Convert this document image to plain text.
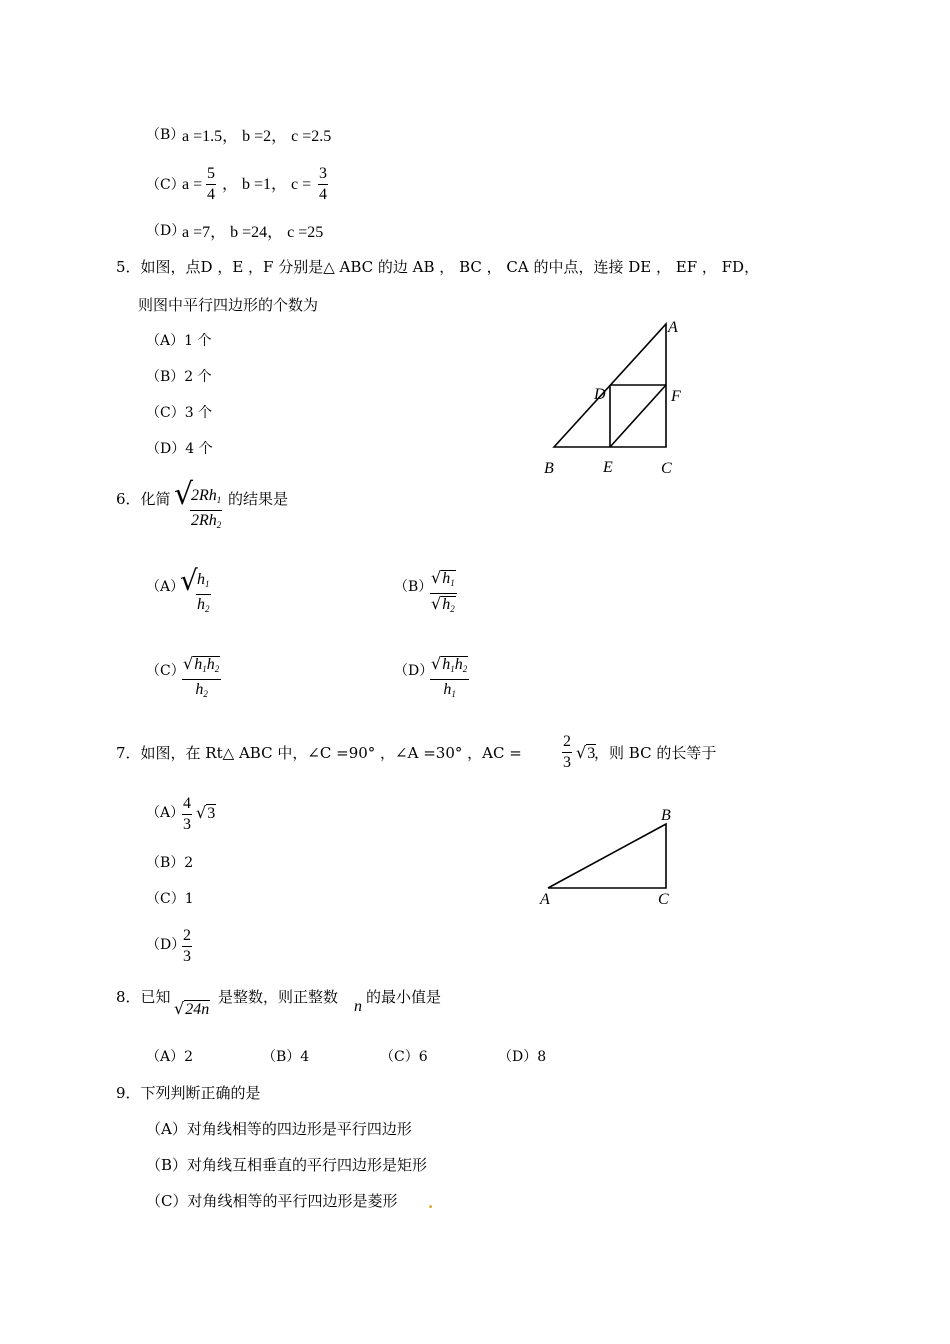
（B）
a =1.5， b =2， c =2.5
（C）
a =
5
4
， b =1， c =
3
4
（D）
a =7， b =24， c =25
5．如图，点D ，E ，F 分别是△ ABC 的边 AB ， BC ， CA 的中点，连接 DE ， EF ， FD，
则图中平行四边形的个数为
（A）1 个
（B）2 个
（C）3 个
（D）4 个
A
B	C
D
E
F
6．化简 √
$2Rh_1$
$2Rh_2$
的结果是
（A）
√ $h_1$
$h_2$
（B）
$√h_1$
$√h_2$
（C）
$√h_1h_2$
$h_2$
（D）
$√h_1h_2$
$h_1$
7．如图，在 Rt△ ABC 中，∠C =90° ，∠A =30° ，AC =
2
3
√3
，则 BC 的长等于
（A）
4
3
√3
（B）2
（C）1
（D）
2
3
B
A	C
8．已知
√24n
是整数，则正整数
n
的最小值是
（A）2	（B）4	（C）6	（D）8
9．下列判断正确的是
（A）对角线相等的四边形是平行四边形
（B）对角线互相垂直的平行四边形是矩形
（C）对角线相等的平行四边形是菱形 .
